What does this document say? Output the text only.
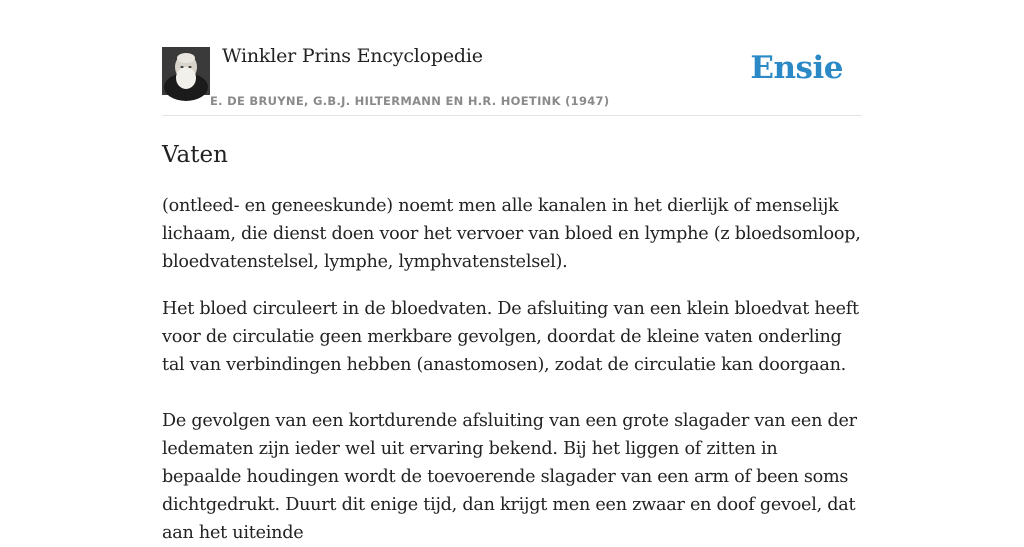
Winkler Prins Encyclopedie
E. DE BRUYNE, G.B.J. HILTERMANN EN H.R. HOETINK (1947)
Ensie
Vaten

(ontleed- en geneeskunde) noemt men alle kanalen in het dierlijk of menselijk lichaam, die dienst doen voor het vervoer van bloed en lymphe (z bloedsomloop, bloedvatenstelsel, lymphe, lymphvatenstelsel).

Het bloed circuleert in de bloedvaten. De afsluiting van een klein bloedvat heeft voor de circulatie geen merkbare gevolgen, doordat de kleine vaten onderling tal van verbindingen hebben (anastomosen), zodat de circulatie kan doorgaan.

De gevolgen van een kortdurende afsluiting van een grote slagader van een der ledematen zijn ieder wel uit ervaring bekend. Bij het liggen of zitten in bepaalde houdingen wordt de toevoerende slagader van een arm of been soms dichtgedrukt. Duurt dit enige tijd, dan krijgt men een zwaar en doof gevoel, dat aan het uiteinde
